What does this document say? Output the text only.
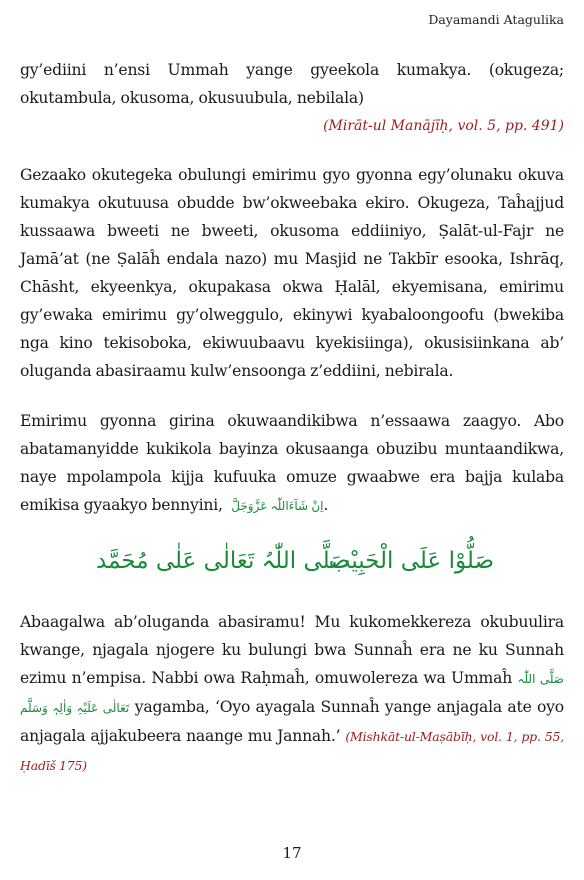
Dayamandi Atagulika

gy’ediini n’ensi Ummah yange gyeekola kumakya. (okugeza; okutambula, okusoma, okusuubula, nebilala)

(Mirāt-ul Manājīḥ, vol. 5, pp. 491)

Gezaako okutegeka obulungi emirimu gyo gyonna egy’olunaku okuva kumakya okutuusa obudde bw’okweebaka ekiro. Okugeza, Taĥajjud kussaawa bweeti ne bweeti, okusoma eddiiniyo, Ṣalāt-ul-Fajr ne Jamā’at (ne Ṣalāĥ endala nazo) mu Masjid ne Takbīr esooka, Ishrāq, Chāsht, ekyeenkya, okupakasa okwa Ḥalāl, ekyemisana, emirimu gy’ewaka emirimu gy’olweggulo, ekinywi kyabaloongoofu (bwekiba nga kino tekisoboka, ekiwuubaavu kyekisiinga), okusisiinkana ab’ oluganda abasiraamu kulw’ensoonga z’eddiini, nebirala.

Emirimu gyonna girina okuwaandikibwa n’essaawa zaagyo. Abo abatamanyidde kukikola bayinza okusaanga obuzibu muntaandikwa, naye mpolampola kijja kufuuka omuze gwaabwe era bajja kulaba emikisa gyaakyo bennyini, اِنْ شَآءَاللّٰہ عَزَّوَجَلَّ.

صَلُّوْا عَلَى الْحَبِیْب
صَلَّى اللّٰہُ تَعَالٰی عَلٰی مُحَمَّد

Abaagalwa ab’oluganda abasiramu! Mu kukomekkereza okubuulira kwange, njagala njogere ku bulungi bwa Sunnaĥ era ne ku Sunnah ezimu n’empisa. Nabbi owa Raḥmaĥ, omuwolereza wa Ummaĥ صَلَّى اللّٰہ تَعَالٰی عَلَیْہِ وَاٰلِہٖ وَسَلَّم yagamba, ‘Oyo ayagala Sunnaĥ yange anjagala ate oyo anjagala ajjakubeera naange mu Jannah.’ (Mishkāt-ul-Maṣābīḥ, vol. 1, pp. 55, Ḥadīš 175)

17
